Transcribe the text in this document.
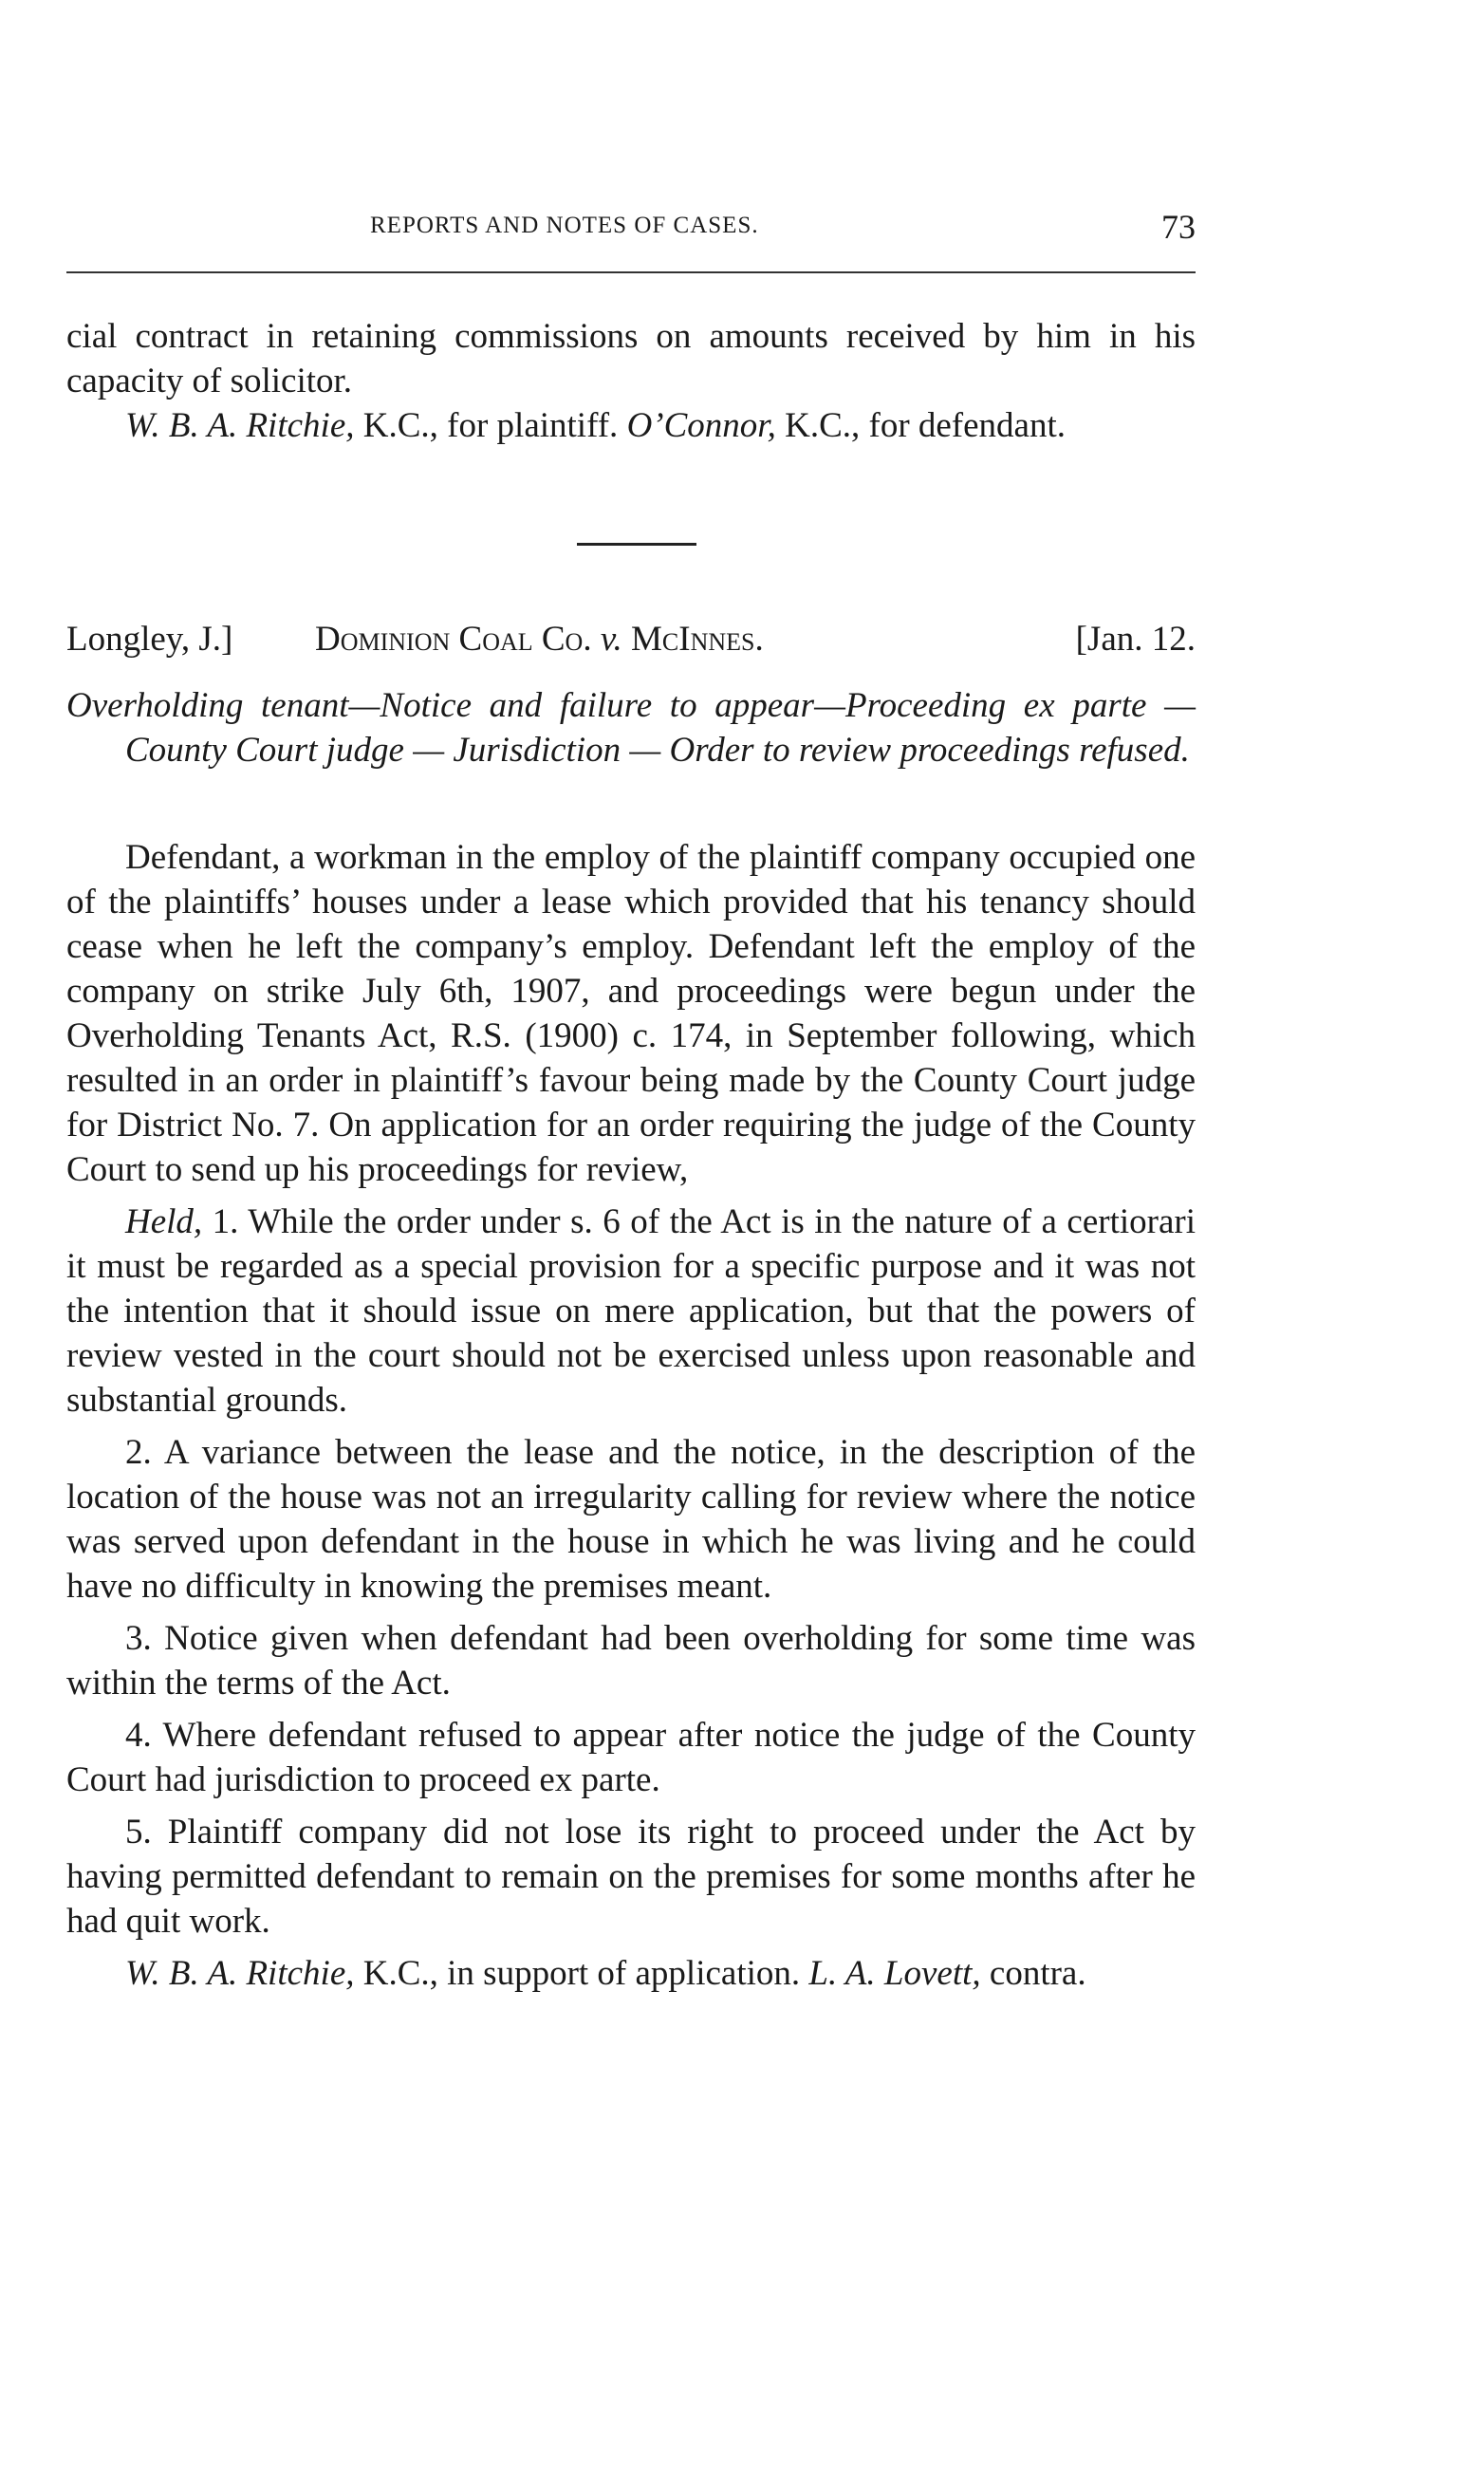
REPORTS AND NOTES OF CASES.	73

cial contract in retaining commissions on amounts received by him in his capacity of solicitor.

W. B. A. Ritchie, K.C., for plaintiff. O’Connor, K.C., for defendant.

Longley, J.] Dominion Coal Co. v. McInnes.	[Jan. 12.
Overholding tenant—Notice and failure to appear—Proceeding ex parte — County Court judge — Jurisdiction — Order to review proceedings refused.

Defendant, a workman in the employ of the plaintiff company occupied one of the plaintiffs’ houses under a lease which provided that his tenancy should cease when he left the company’s employ. Defendant left the employ of the company on strike July 6th, 1907, and proceedings were begun under the Overholding Tenants Act, R.S. (1900) c. 174, in September following, which resulted in an order in plaintiff’s favour being made by the County Court judge for District No. 7. On application for an order requiring the judge of the County Court to send up his proceedings for review,

Held, 1. While the order under s. 6 of the Act is in the nature of a certiorari it must be regarded as a special provision for a specific purpose and it was not the intention that it should issue on mere application, but that the powers of review vested in the court should not be exercised unless upon reasonable and substantial grounds.

2. A variance between the lease and the notice, in the description of the location of the house was not an irregularity calling for review where the notice was served upon defendant in the house in which he was living and he could have no difficulty in knowing the premises meant.

3. Notice given when defendant had been overholding for some time was within the terms of the Act.

4. Where defendant refused to appear after notice the judge of the County Court had jurisdiction to proceed ex parte.

5. Plaintiff company did not lose its right to proceed under the Act by having permitted defendant to remain on the premises for some months after he had quit work.

W. B. A. Ritchie, K.C., in support of application. L. A. Lovett, contra.
